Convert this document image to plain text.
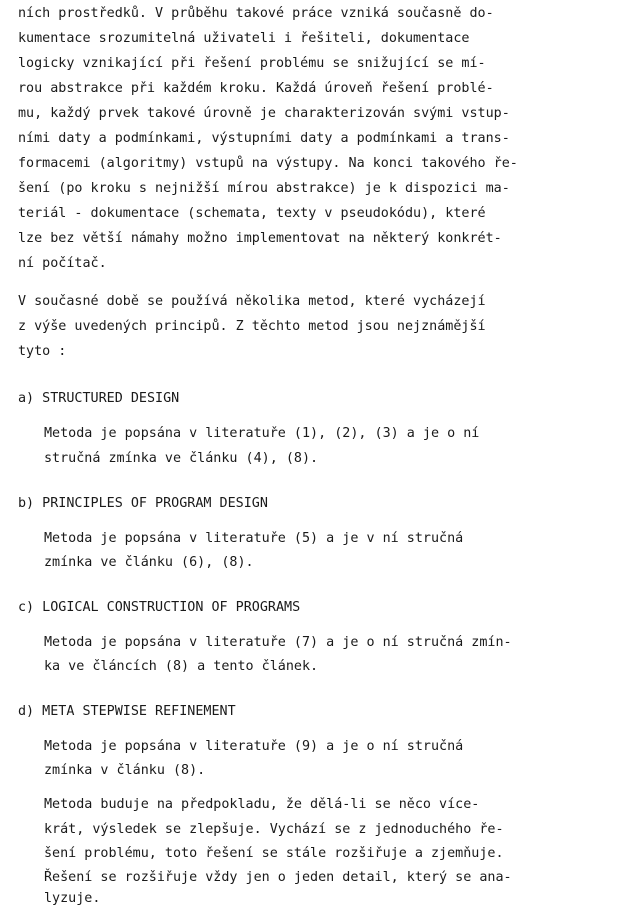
ních prostředků. V průběhu takové práce vzniká současně do-
kumentace srozumitelná uživateli i řešiteli, dokumentace
logicky vznikající při řešení problému se snižující se mí-
rou abstrakce při každém kroku. Každá úroveň řešení problé-
mu, každý prvek takové úrovně je charakterizován svými vstup-
ními daty a podmínkami, výstupními daty a podmínkami a trans-
formacemi (algoritmy) vstupů na výstupy. Na konci takového ře-
šení (po kroku s nejnižší mírou abstrakce) je k dispozici ma-
teriál - dokumentace (schemata, texty v pseudokódu), které
lze bez větší námahy možno implementovat na některý konkrét-
ní počítač.
V současné době se používá několika metod, které vycházejí
z výše uvedených principů. Z těchto metod jsou nejznámější
tyto :
a) STRUCTURED DESIGN
Metoda je popsána v literatuře (1), (2), (3) a je o ní
stručná zmínka ve článku (4), (8).
b) PRINCIPLES OF PROGRAM DESIGN
Metoda je popsána v literatuře (5) a je v ní stručná
zmínka ve článku (6), (8).
c) LOGICAL CONSTRUCTION OF PROGRAMS
Metoda je popsána v literatuře (7) a je o ní stručná zmín-
ka ve článcích (8) a tento článek.
d) META STEPWISE REFINEMENT
Metoda je popsána v literatuře (9) a je o ní stručná
zmínka v článku (8).
Metoda buduje na předpokladu, že dělá-li se něco více-
krát, výsledek se zlepšuje. Vychází se z jednoduchého ře-
šení problému, toto řešení se stále rozšiřuje a zjemňuje.
Řešení se rozšiřuje vždy jen o jeden detail, který se ana-
lyzuje.
